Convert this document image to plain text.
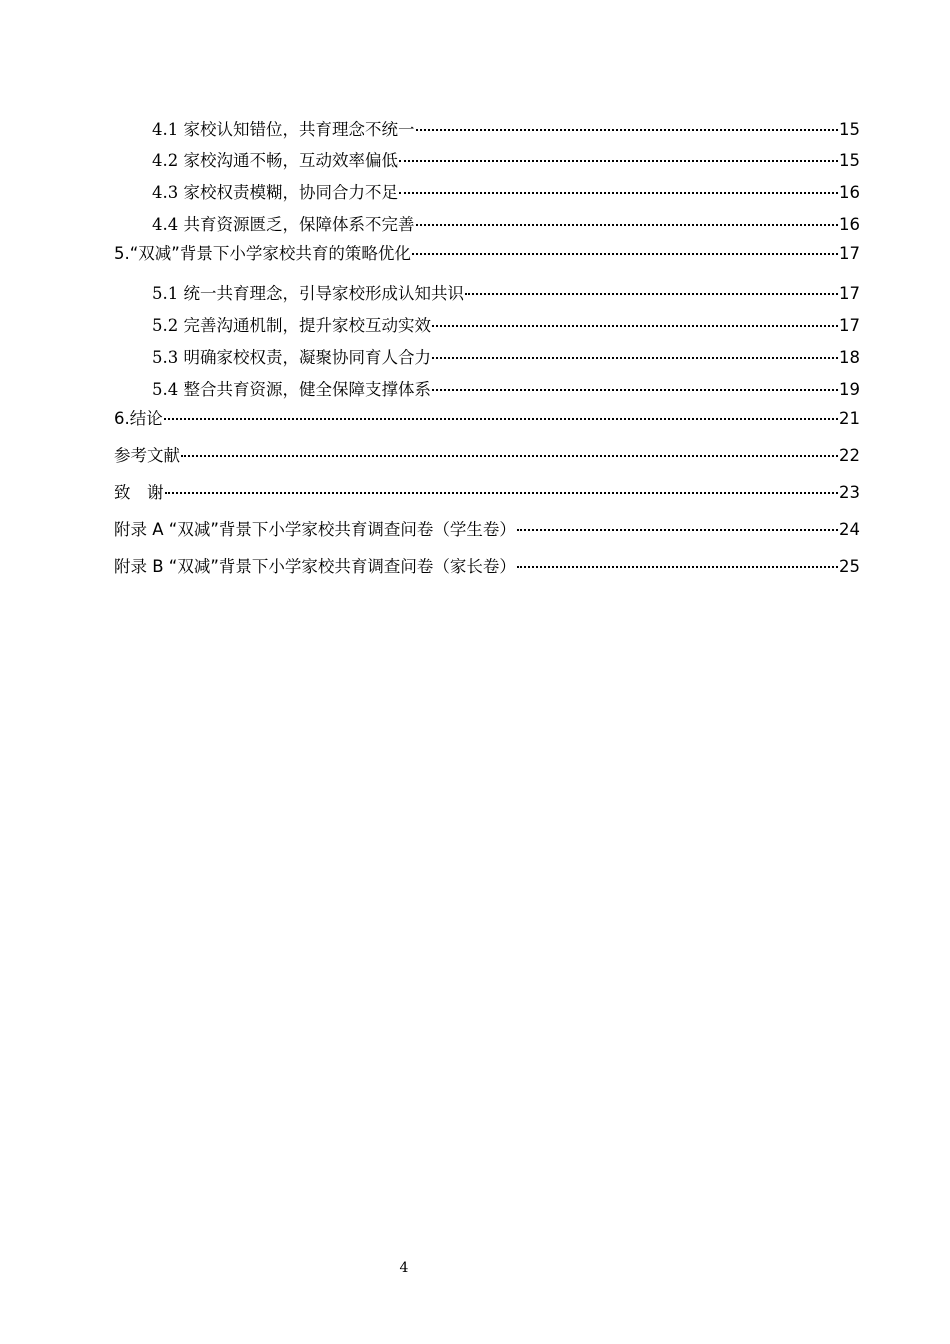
4.1 家校认知错位，共育理念不统一	15
4.2 家校沟通不畅，互动效率偏低	15
4.3 家校权责模糊，协同合力不足	16
4.4 共育资源匮乏，保障体系不完善	16
5.“双减”背景下小学家校共育的策略优化	17
5.1 统一共育理念，引导家校形成认知共识	17
5.2 完善沟通机制，提升家校互动实效	17
5.3 明确家校权责，凝聚协同育人合力	18
5.4 整合共育资源，健全保障支撑体系	19
6.结论	21
参考文献	22
致　谢	23
附录 A “双减”背景下小学家校共育调查问卷（学生卷）	24
附录 B “双减”背景下小学家校共育调查问卷（家长卷）	25
4
